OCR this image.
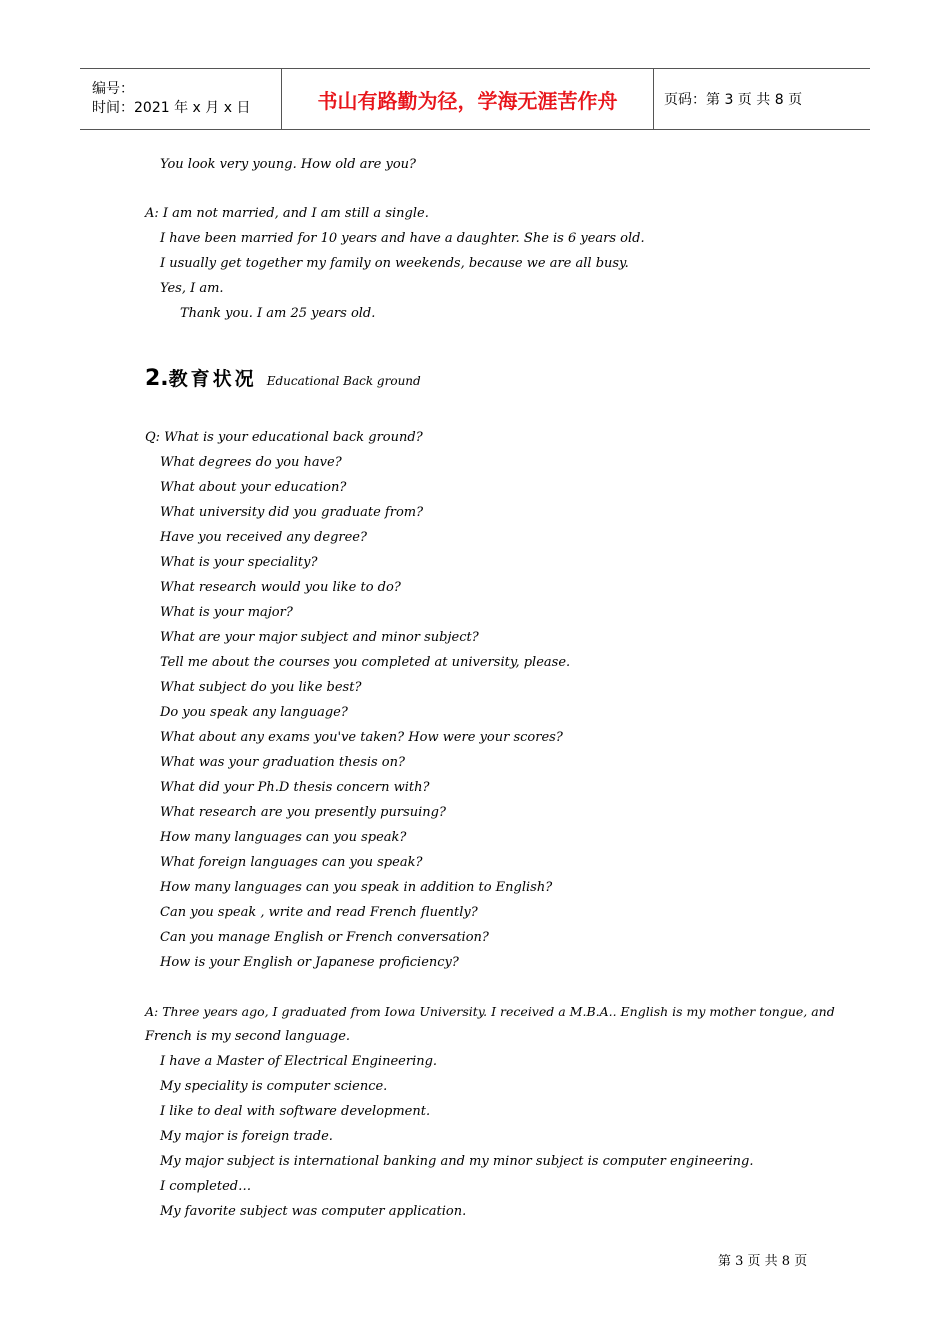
编号：
时间：2021 年 x 月 x 日	书山有路勤为径，学海无涯苦作舟	页码：第 3 页 共 8 页
You look very young. How old are you?
A: I am not married, and I am still a single.
I have been married for 10 years and have a daughter. She is 6 years old.
I usually get together my family on weekends, because we are all busy.
Yes, I am.
Thank you. I am 25 years old.
2.教育状况 Educational Back ground
Q: What is your educational back ground?
What degrees do you have?
What about your education?
What university did you graduate from?
Have you received any degree?
What is your speciality?
What research would you like to do?
What is your major?
What are your major subject and minor subject?
Tell me about the courses you completed at university, please.
What subject do you like best?
Do you speak any language?
What about any exams you've taken? How were your scores?
What was your graduation thesis on?
What did your Ph.D thesis concern with?
What research are you presently pursuing?
How many languages can you speak?
What foreign languages can you speak?
How many languages can you speak in addition to English?
Can you speak , write and read French fluently?
Can you manage English or French conversation?
How is your English or Japanese proficiency?
A: Three years ago, I graduated from Iowa University. I received a M.B.A.. English is my mother tongue, and
French is my second language.
I have a Master of Electrical Engineering.
My speciality is computer science.
I like to deal with software development.
My major is foreign trade.
My major subject is international banking and my minor subject is computer engineering.
I completed…
My favorite subject was computer application.
第 3 页 共 8 页
